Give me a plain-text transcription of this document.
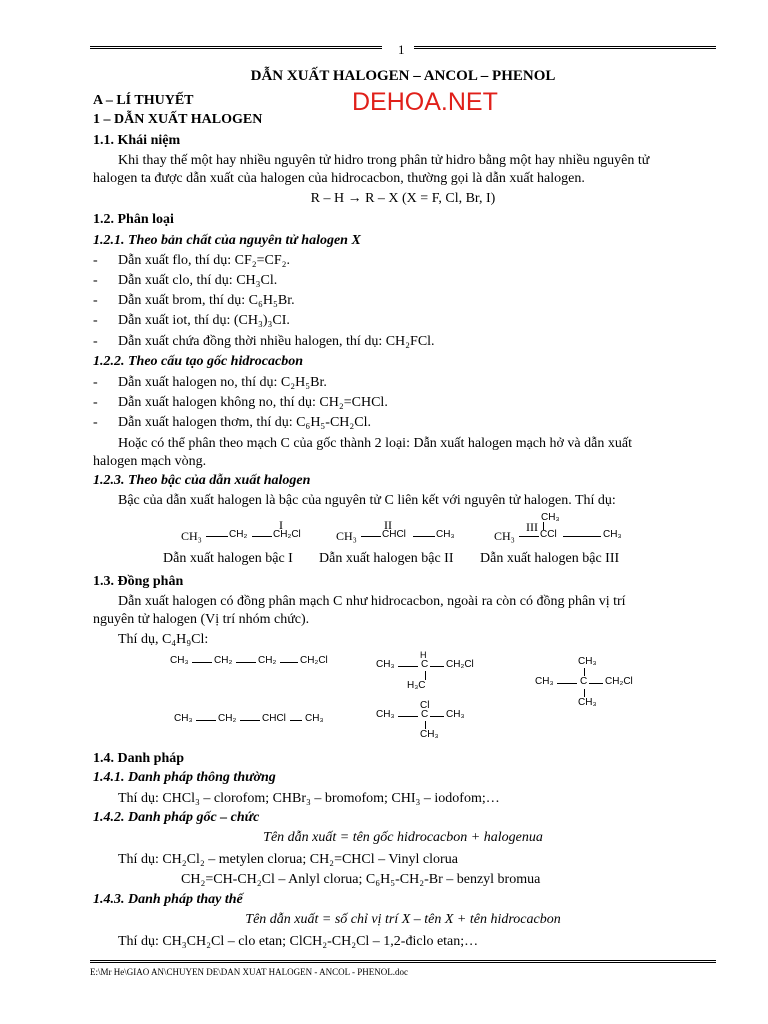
1
DẪN XUẤT HALOGEN – ANCOL – PHENOL
DEHOA.NET
A – LÍ THUYẾT
1 – DẪN XUẤT HALOGEN
1.1. Khái niệm
Khi thay thế một hay nhiều nguyên tử hidro trong phân tử hidro bằng một hay nhiều nguyên tử
halogen ta được dẫn xuất của halogen của hidrocacbon, thường gọi là dẫn xuất halogen.
R – H → R – X (X = F, Cl, Br, I)
1.2. Phân loại
1.2.1. Theo bản chất của nguyên tử halogen X
- Dẫn xuất flo, thí dụ: CF₂=CF₂.
- Dẫn xuất clo, thí dụ: CH₃Cl.
- Dẫn xuất brom, thí dụ: C₆H₅Br.
- Dẫn xuất iot, thí dụ: (CH₃)₃CI.
- Dẫn xuất chứa đồng thời nhiều halogen, thí dụ: CH₂FCl.
1.2.2. Theo cấu tạo gốc hidrocacbon
- Dẫn xuất halogen no, thí dụ: C₂H₅Br.
- Dẫn xuất halogen không no, thí dụ: CH₂=CHCl.
- Dẫn xuất halogen thơm, thí dụ: C₆H₅-CH₂Cl.
Hoặc có thể phân theo mạch C của gốc thành 2 loại: Dẫn xuất halogen mạch hở và dẫn xuất
halogen mạch vòng.
1.2.3. Theo bậc của dẫn xuất halogen
Bậc của dẫn xuất halogen là bậc của nguyên tử C liên kết với nguyên tử halogen. Thí dụ:
I	II	III
CH₃	CH₂	CH₂Cl	CH₃	CHCl	CH₃
CH₃
CH₃	CCl	CH₃
Dẫn xuất halogen bậc I Dẫn xuất halogen bậc II Dẫn xuất halogen bậc III
1.3. Đồng phân
Dẫn xuất halogen có đồng phân mạch C như hidrocacbon, ngoài ra còn có đồng phân vị trí
nguyên tử halogen (Vị trí nhóm chức).
Thí dụ, C₄H₉Cl:
CH₃	CH₂	CH₂ CH₂Cl	H
CH₃	C CH₂Cl
H₃C
CH₃
CH₃	C CH₂Cl
CH₃
CH₃	CH₂	CHCl CH₃
Cl
CH₃	C CH₃
CH₃
1.4. Danh pháp
1.4.1. Danh pháp thông thường
Thí dụ: CHCl₃ – clorofom; CHBr₃ – bromofom; CHI₃ – iodofom;…
1.4.2. Danh pháp gốc – chức
Tên dẫn xuất = tên gốc hidrocacbon + halogenua
Thí dụ: CH₂Cl₂ – metylen clorua; CH₂=CHCl – Vinyl clorua
CH₂=CH-CH₂Cl – Anlyl clorua; C₆H₅-CH₂-Br – benzyl bromua
1.4.3. Danh pháp thay thế
Tên dẫn xuất = số chỉ vị trí X – tên X + tên hidrocacbon
Thí dụ: CH₃CH₂Cl – clo etan; ClCH₂-CH₂Cl – 1,2-điclo etan;…
E:\Mr He\GIAO AN\CHUYEN DE\DAN XUAT HALOGEN - ANCOL - PHENOL.doc
